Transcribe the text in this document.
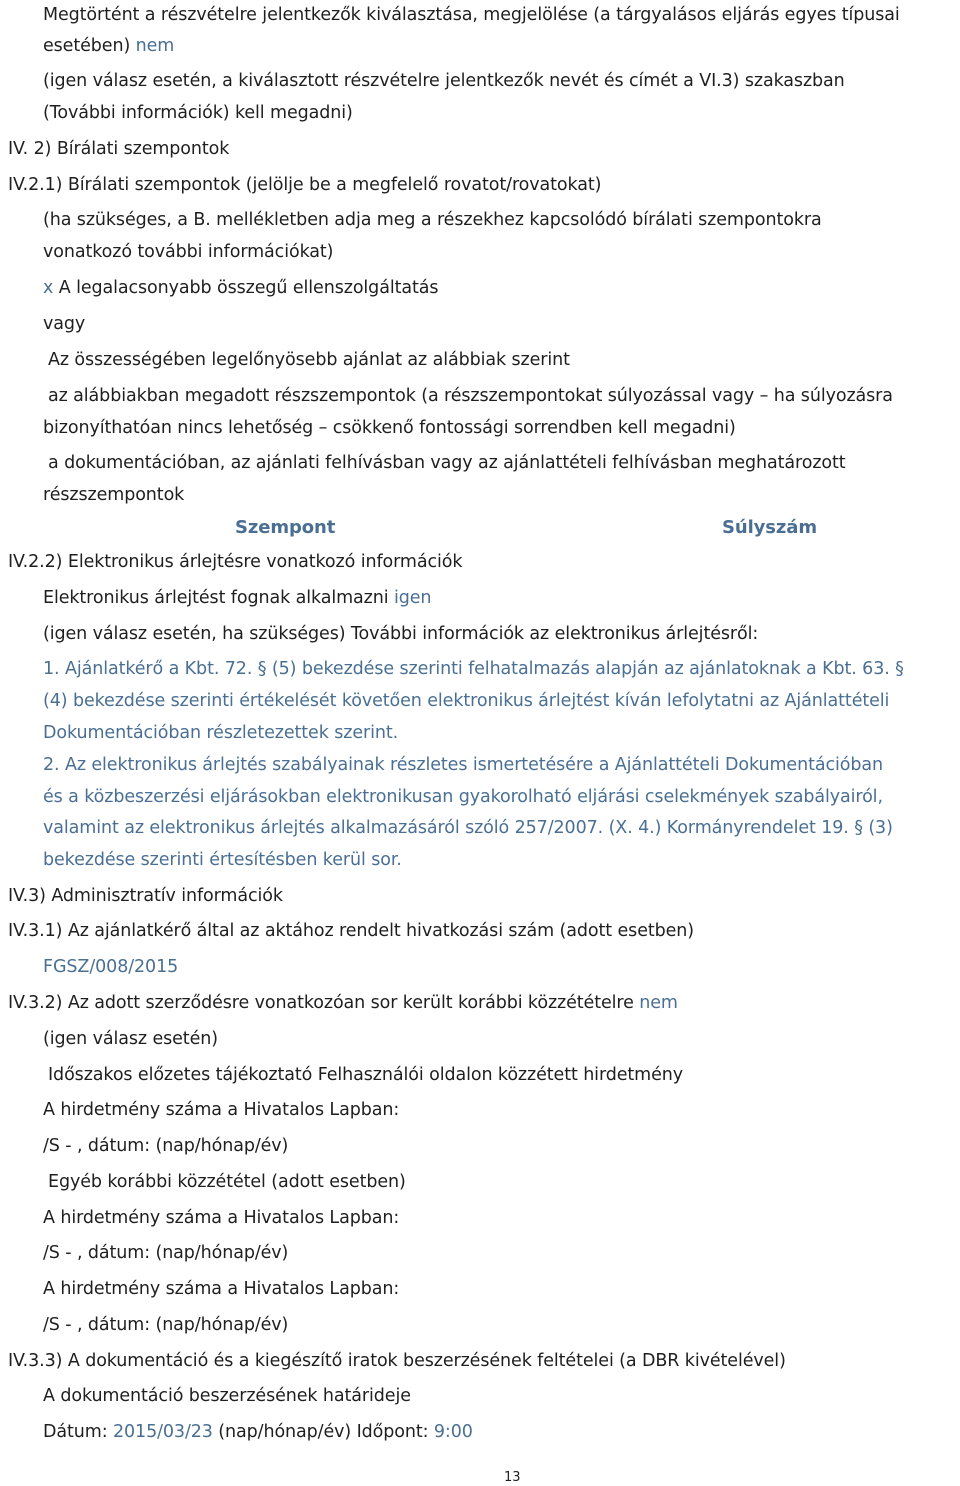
Megtörtént a részvételre jelentkezők kiválasztása, megjelölése (a tárgyalásos eljárás egyes típusai
esetében) nem
(igen válasz esetén, a kiválasztott részvételre jelentkezők nevét és címét a VI.3) szakaszban
(További információk) kell megadni)
IV. 2) Bírálati szempontok
IV.2.1) Bírálati szempontok (jelölje be a megfelelő rovatot/rovatokat)
(ha szükséges, a B. mellékletben adja meg a részekhez kapcsolódó bírálati szempontokra
vonatkozó további információkat)
x A legalacsonyabb összegű ellenszolgáltatás
vagy
Az összességében legelőnyösebb ajánlat az alábbiak szerint
az alábbiakban megadott részszempontok (a részszempontokat súlyozással vagy – ha súlyozásra
bizonyíthatóan nincs lehetőség – csökkenő fontossági sorrendben kell megadni)
a dokumentációban, az ajánlati felhívásban vagy az ajánlattételi felhívásban meghatározott
részszempontok
Szempont	Súlyszám
IV.2.2) Elektronikus árlejtésre vonatkozó információk
Elektronikus árlejtést fognak alkalmazni igen
(igen válasz esetén, ha szükséges) További információk az elektronikus árlejtésről:
1. Ajánlatkérő a Kbt. 72. § (5) bekezdése szerinti felhatalmazás alapján az ajánlatoknak a Kbt. 63. §
(4) bekezdése szerinti értékelését követően elektronikus árlejtést kíván lefolytatni az Ajánlattételi
Dokumentációban részletezettek szerint.
2. Az elektronikus árlejtés szabályainak részletes ismertetésére a Ajánlattételi Dokumentációban
és a közbeszerzési eljárásokban elektronikusan gyakorolható eljárási cselekmények szabályairól,
valamint az elektronikus árlejtés alkalmazásáról szóló 257/2007. (X. 4.) Kormányrendelet 19. § (3)
bekezdése szerinti értesítésben kerül sor.
IV.3) Adminisztratív információk
IV.3.1) Az ajánlatkérő által az aktához rendelt hivatkozási szám (adott esetben)
FGSZ/008/2015
IV.3.2) Az adott szerződésre vonatkozóan sor került korábbi közzétételre nem
(igen válasz esetén)
Időszakos előzetes tájékoztató Felhasználói oldalon közzétett hirdetmény
A hirdetmény száma a Hivatalos Lapban:
/S - , dátum: (nap/hónap/év)
Egyéb korábbi közzététel (adott esetben)
A hirdetmény száma a Hivatalos Lapban:
/S - , dátum: (nap/hónap/év)
A hirdetmény száma a Hivatalos Lapban:
/S - , dátum: (nap/hónap/év)
IV.3.3) A dokumentáció és a kiegészítő iratok beszerzésének feltételei (a DBR kivételével)
A dokumentáció beszerzésének határideje
Dátum: 2015/03/23 (nap/hónap/év) Időpont: 9:00
13
